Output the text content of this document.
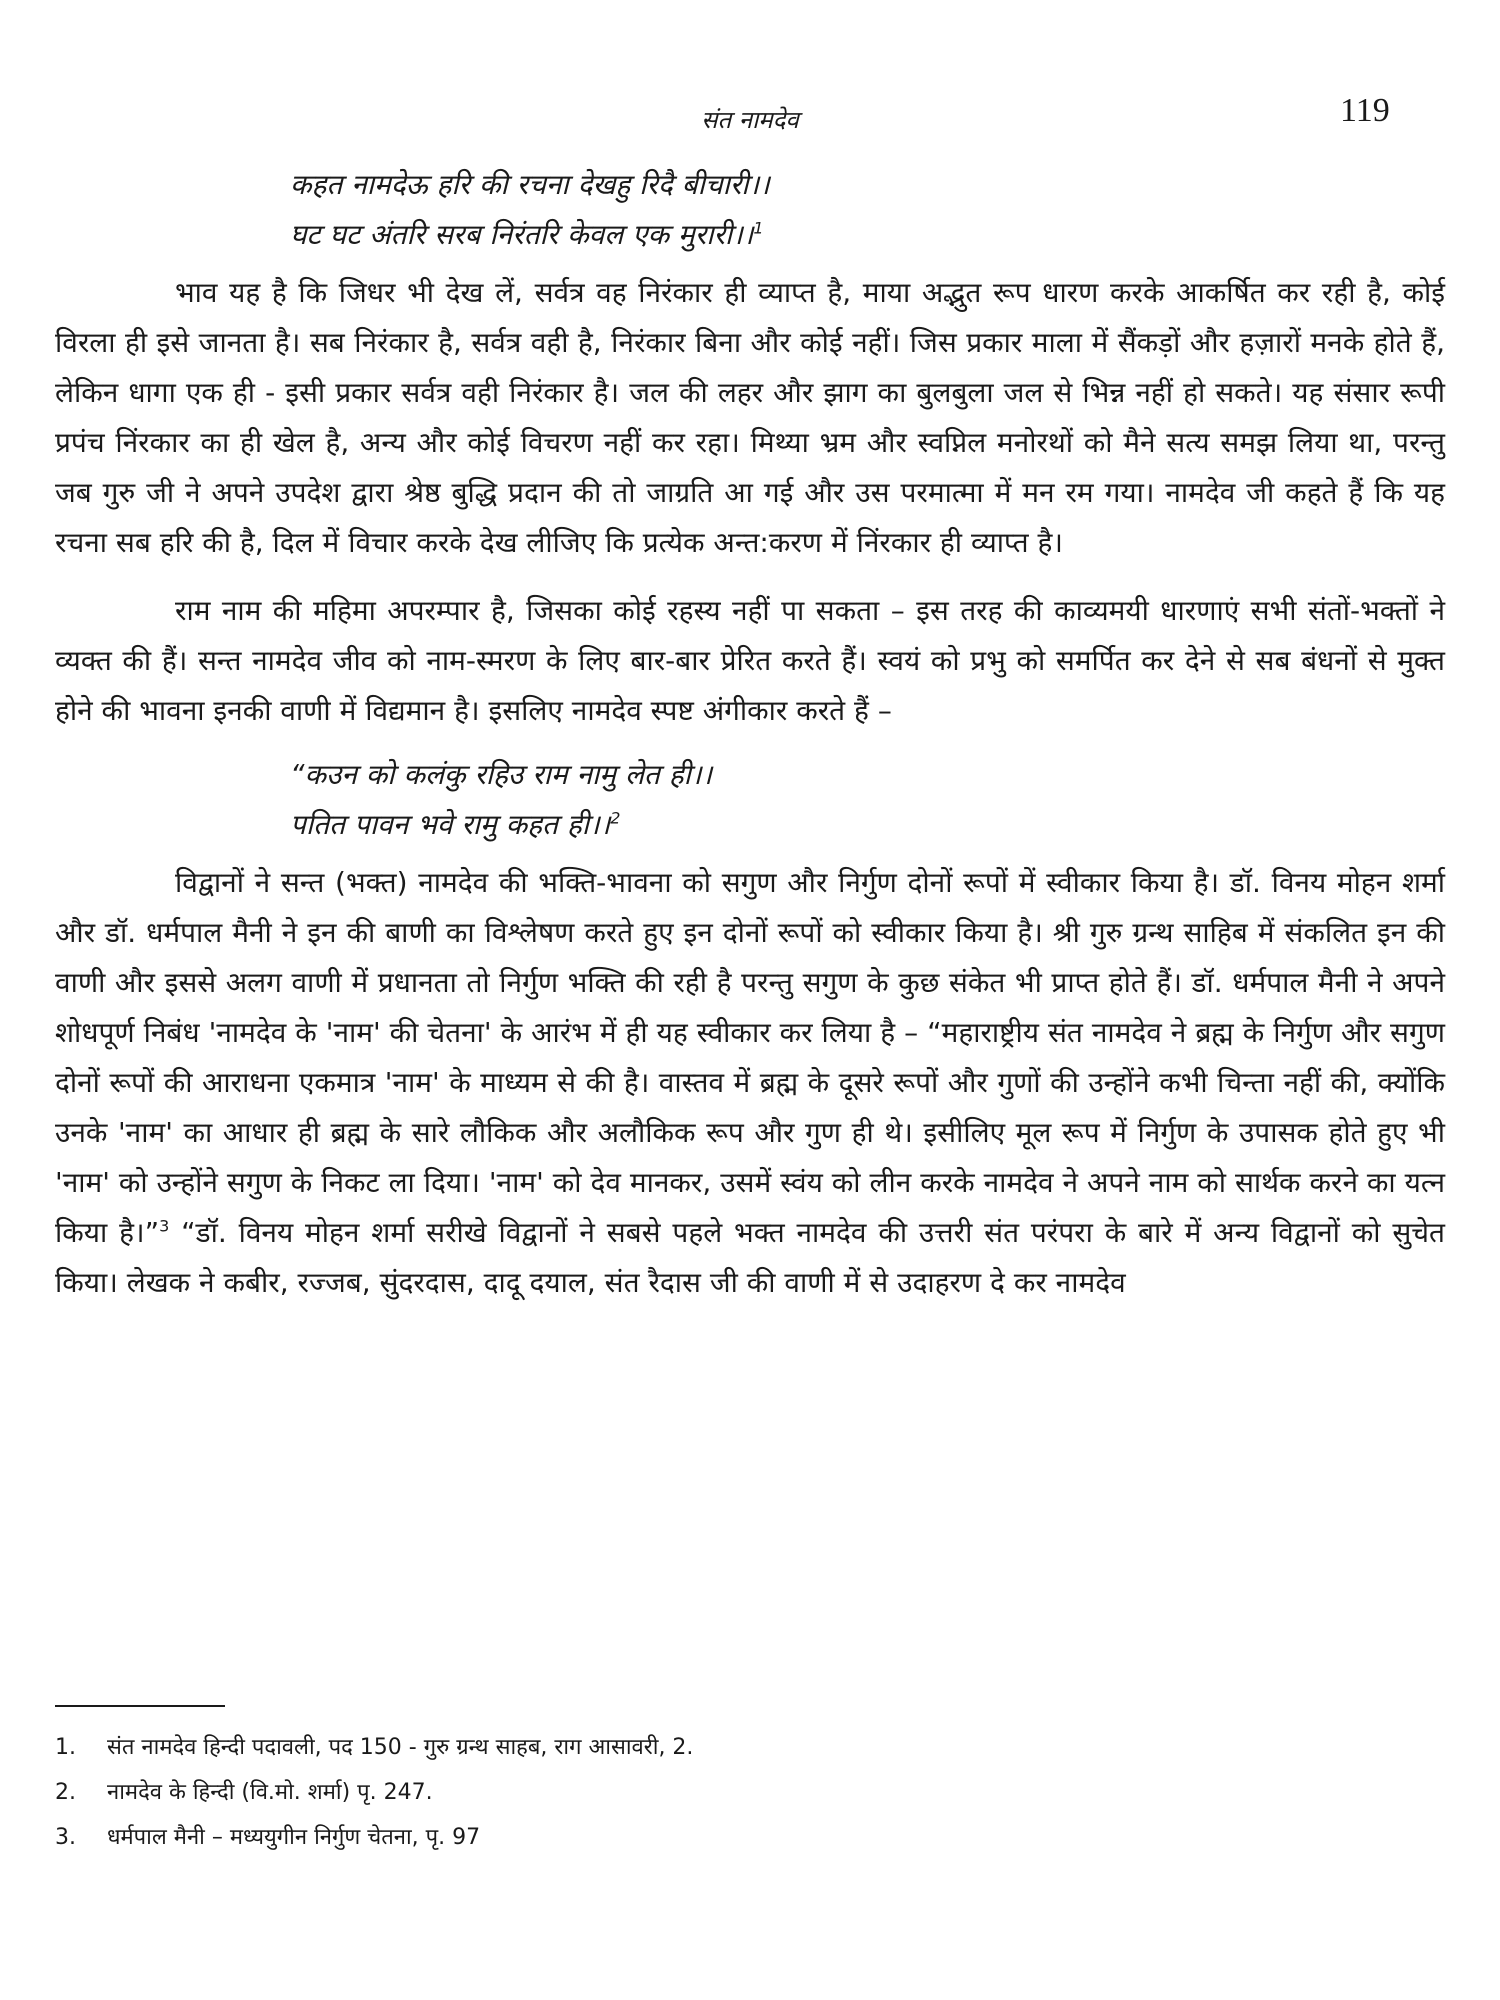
संत नामदेव	119
कहत नामदेऊ हरि की रचना देखहु रिदै बीचारी।।
घट घट अंतरि सरब निरंतरि केवल एक मुरारी।।$^1$

भाव यह है कि जिधर भी देख लें, सर्वत्र वह निरंकार ही व्याप्त है, माया अद्भुत रूप धारण करके आकर्षित कर रही है, कोई विरला ही इसे जानता है। सब निरंकार है, सर्वत्र वही है, निरंकार बिना और कोई नहीं। जिस प्रकार माला में सैंकड़ों और हज़ारों मनके होते हैं, लेकिन धागा एक ही - इसी प्रकार सर्वत्र वही निरंकार है। जल की लहर और झाग का बुलबुला जल से भिन्न नहीं हो सकते। यह संसार रूपी प्रपंच निंरकार का ही खेल है, अन्य और कोई विचरण नहीं कर रहा। मिथ्या भ्रम और स्वप्निल मनोरथों को मैने सत्य समझ लिया था, परन्तु जब गुरु जी ने अपने उपदेश द्वारा श्रेष्ठ बुद्धि प्रदान की तो जाग्रति आ गई और उस परमात्मा में मन रम गया। नामदेव जी कहते हैं कि यह रचना सब हरि की है, दिल में विचार करके देख लीजिए कि प्रत्येक अन्त:करण में निंरकार ही व्याप्त है।

राम नाम की महिमा अपरम्पार है, जिसका कोई रहस्य नहीं पा सकता – इस तरह की काव्यमयी धारणाएं सभी संतों-भक्तों ने व्यक्त की हैं। सन्त नामदेव जीव को नाम-स्मरण के लिए बार-बार प्रेरित करते हैं। स्वयं को प्रभु को समर्पित कर देने से सब बंधनों से मुक्त होने की भावना इनकी वाणी में विद्यमान है। इसलिए नामदेव स्पष्ट अंगीकार करते हैं –

“कउन को कलंकु रहिउ राम नामु लेत ही।।
पतित पावन भवे रामु कहत ही।।$^2$

विद्वानों ने सन्त (भक्त) नामदेव की भक्ति-भावना को सगुण और निर्गुण दोनों रूपों में स्वीकार किया है। डॉ. विनय मोहन शर्मा और डॉ. धर्मपाल मैनी ने इन की बाणी का विश्लेषण करते हुए इन दोनों रूपों को स्वीकार किया है। श्री गुरु ग्रन्थ साहिब में संकलित इन की वाणी और इससे अलग वाणी में प्रधानता तो निर्गुण भक्ति की रही है परन्तु सगुण के कुछ संकेत भी प्राप्त होते हैं। डॉ. धर्मपाल मैनी ने अपने शोधपूर्ण निबंध 'नामदेव के 'नाम' की चेतना' के आरंभ में ही यह स्वीकार कर लिया है – “महाराष्ट्रीय संत नामदेव ने ब्रह्म के निर्गुण और सगुण दोनों रूपों की आराधना एकमात्र 'नाम' के माध्यम से की है। वास्तव में ब्रह्म के दूसरे रूपों और गुणों की उन्होंने कभी चिन्ता नहीं की, क्योंकि उनके 'नाम' का आधार ही ब्रह्म के सारे लौकिक और अलौकिक रूप और गुण ही थे। इसीलिए मूल रूप में निर्गुण के उपासक होते हुए भी 'नाम' को उन्होंने सगुण के निकट ला दिया। 'नाम' को देव मानकर, उसमें स्वंय को लीन करके नामदेव ने अपने नाम को सार्थक करने का यत्न किया है।”$^3$ “डॉ. विनय मोहन शर्मा सरीखे विद्वानों ने सबसे पहले भक्त नामदेव की उत्तरी संत परंपरा के बारे में अन्य विद्वानों को सुचेत किया। लेखक ने कबीर, रज्जब, सुंदरदास, दादू दयाल, संत रैदास जी की वाणी में से उदाहरण दे कर नामदेव

1.	संत नामदेव हिन्दी पदावली, पद 150 - गुरु ग्रन्थ साहब, राग आसावरी, 2.
2.	नामदेव के हिन्दी (वि.मो. शर्मा) पृ. 247.
3.	धर्मपाल मैनी – मध्ययुगीन निर्गुण चेतना, पृ. 97
